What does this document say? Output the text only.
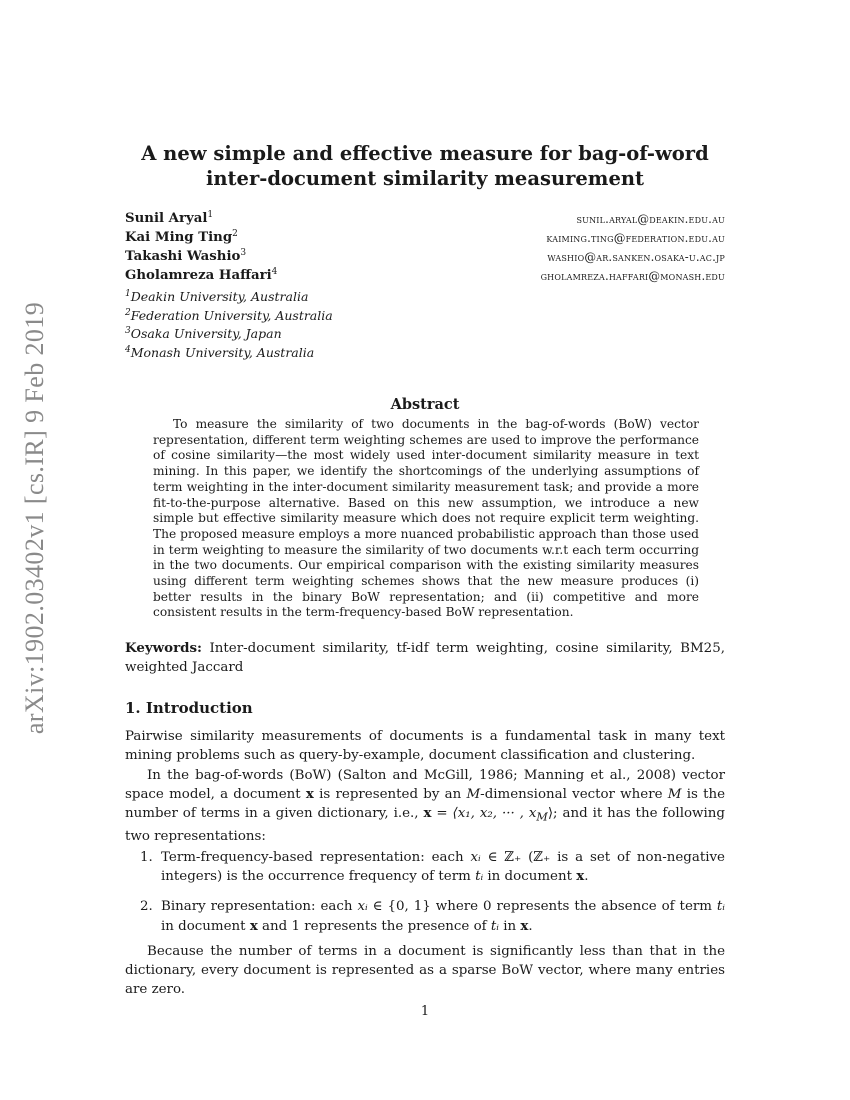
arXiv:1902.03402v1 [cs.IR] 9 Feb 2019
A new simple and effective measure for bag-of-word
inter-document similarity measurement
Sunil Aryal$^1$	sunil.aryal@deakin.edu.au
Kai Ming Ting$^2$	kaiming.ting@federation.edu.au
Takashi Washio$^3$	washio@ar.sanken.osaka-u.ac.jp
Gholamreza Haffari$^4$	gholamreza.haffari@monash.edu
$^1$Deakin University, Australia
$^2$Federation University, Australia
$^3$Osaka University, Japan
$^4$Monash University, Australia
Abstract
To measure the similarity of two documents in the bag-of-words (BoW) vector representation, different term weighting schemes are used to improve the performance of cosine similarity—the most widely used inter-document similarity measure in text mining. In this paper, we identify the shortcomings of the underlying assumptions of term weighting in the inter-document similarity measurement task; and provide a more fit-to-the-purpose alternative. Based on this new assumption, we introduce a new simple but effective similarity measure which does not require explicit term weighting. The proposed measure employs a more nuanced probabilistic approach than those used in term weighting to measure the similarity of two documents w.r.t each term occurring in the two documents. Our empirical comparison with the existing similarity measures using different term weighting schemes shows that the new measure produces (i) better results in the binary BoW representation; and (ii) competitive and more consistent results in the term-frequency-based BoW representation.
Keywords: Inter-document similarity, tf-idf term weighting, cosine similarity, BM25, weighted Jaccard
1. Introduction
Pairwise similarity measurements of documents is a fundamental task in many text mining problems such as query-by-example, document classification and clustering.
In the bag-of-words (BoW) (Salton and McGill, 1986; Manning et al., 2008) vector space model, a document x is represented by an M-dimensional vector where M is the number of terms in a given dictionary, i.e., x = ⟨x₁, x₂, ··· , $x_M⟩$; and it has the following two representations:
1. Term-frequency-based representation: each xᵢ ∈ ℤ₊ (ℤ₊ is a set of non-negative integers) is the occurrence frequency of term tᵢ in document x.
2. Binary representation: each xᵢ ∈ {0, 1} where 0 represents the absence of term tᵢ in document x and 1 represents the presence of tᵢ in x.
Because the number of terms in a document is significantly less than that in the dictionary, every document is represented as a sparse BoW vector, where many entries are zero.
1
